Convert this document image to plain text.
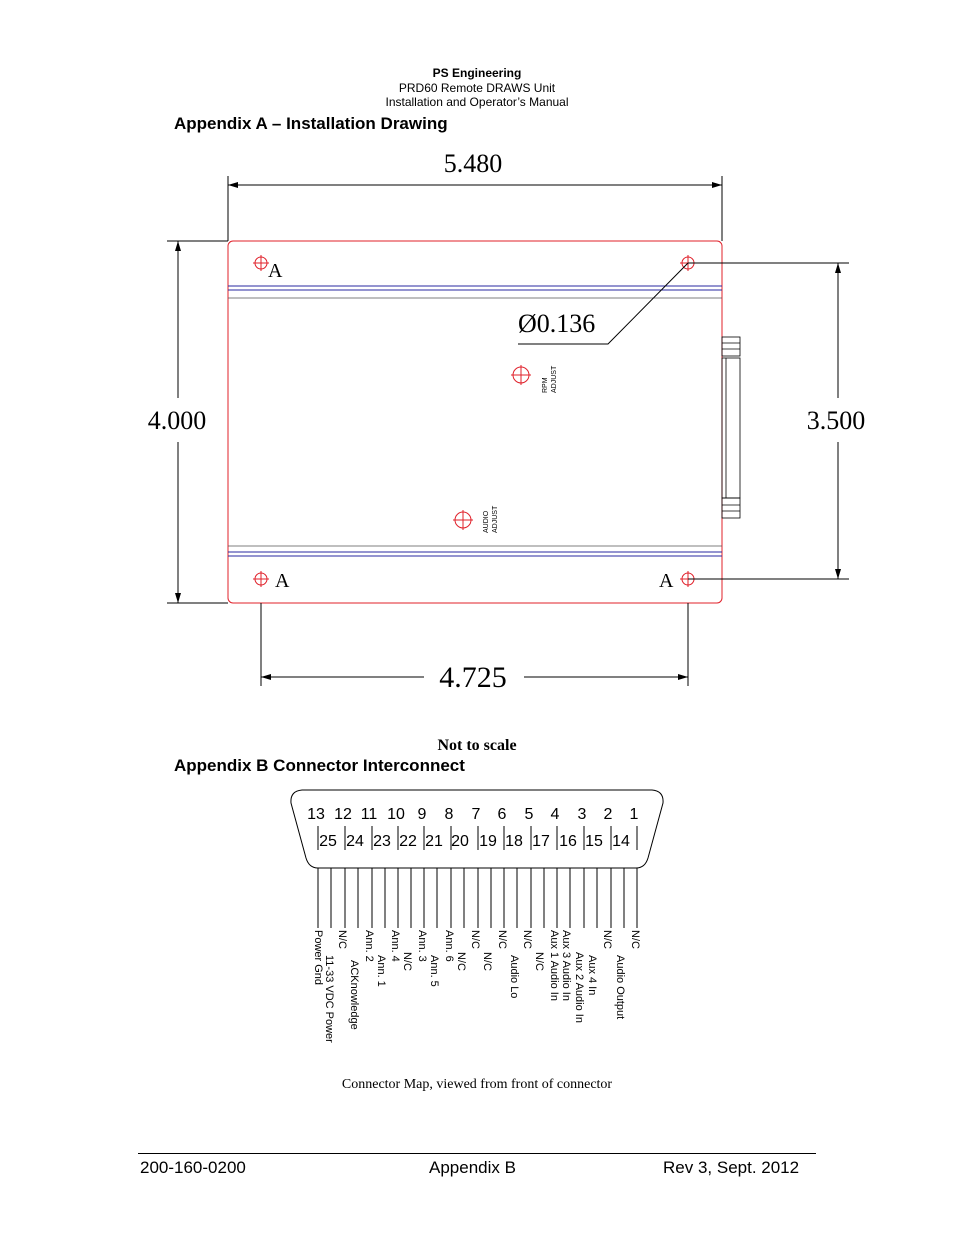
PS Engineering
PRD60 Remote DRAWS Unit
Installation and Operator’s Manual
Appendix A – Installation Drawing
A
A	A
RPM ADJUST
AUDIO ADJUST
5.480
4.000	3.500
4.725
Ø0.136
Not to scale
13 12 11 10 9 8 7 6 5 4 3 2 1
25 24 23 22 21 20 19 18 17 16 15 14
Power Gnd 11-33 VDC Power
N/C
ACKnowledge
Ann. 2
Ann. 1
Ann. 4 N/C Ann. 3
Ann. 5
Ann. 6 N/C
N/C
N/C
N/C
Audio Lo
N/C
N/C Aux 1 Audio In Aux 3 Audio In Aux 2 Audio In Aux 4 In
N/C
Audio Output
N/C
Connector Map, viewed from front of connector
Appendix B Connector Interconnect
200-160-0200	Appendix B	Rev 3, Sept. 2012
